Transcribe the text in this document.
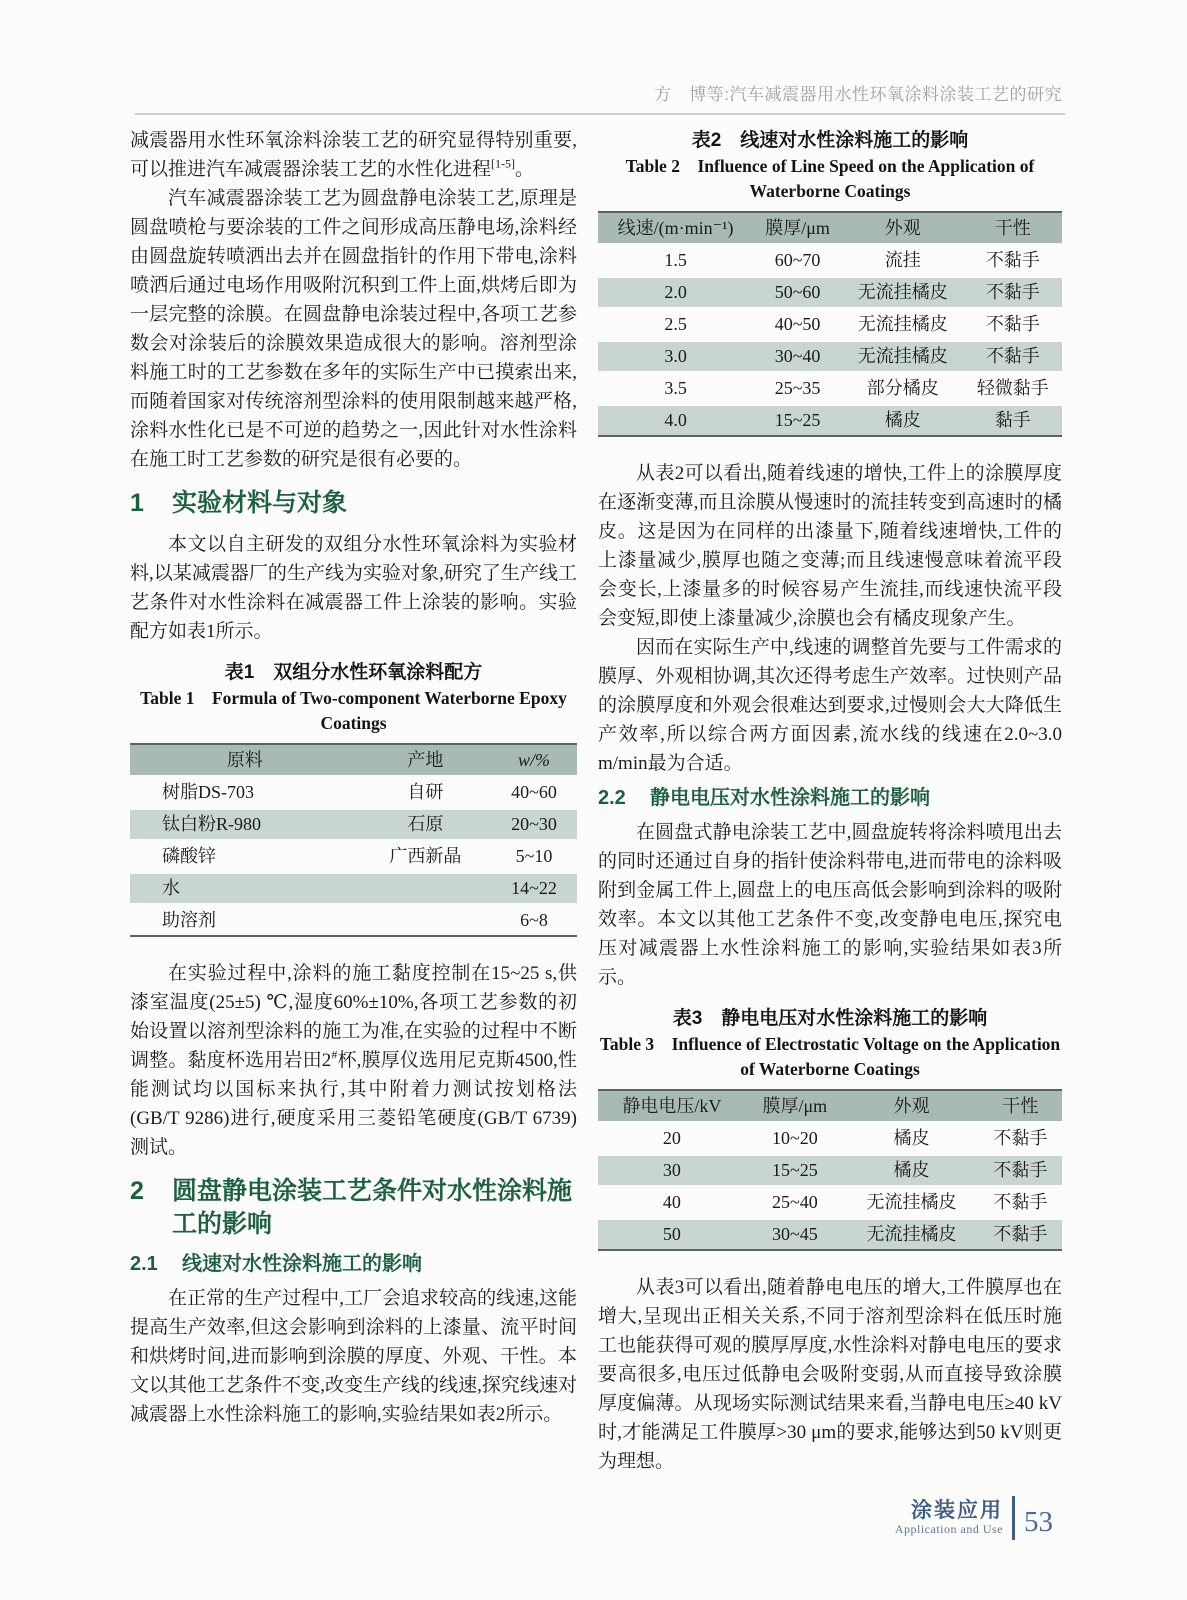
方　博等:汽车减震器用水性环氧涂料涂装工艺的研究

减震器用水性环氧涂料涂装工艺的研究显得特别重要,可以推进汽车减震器涂装工艺的水性化进程[1-5]。

汽车减震器涂装工艺为圆盘静电涂装工艺,原理是圆盘喷枪与要涂装的工件之间形成高压静电场,涂料经由圆盘旋转喷洒出去并在圆盘指针的作用下带电,涂料喷洒后通过电场作用吸附沉积到工件上面,烘烤后即为一层完整的涂膜。在圆盘静电涂装过程中,各项工艺参数会对涂装后的涂膜效果造成很大的影响。溶剂型涂料施工时的工艺参数在多年的实际生产中已摸索出来,而随着国家对传统溶剂型涂料的使用限制越来越严格,涂料水性化已是不可逆的趋势之一,因此针对水性涂料在施工时工艺参数的研究是很有必要的。

1	实验材料与对象

本文以自主研发的双组分水性环氧涂料为实验材料,以某减震器厂的生产线为实验对象,研究了生产线工艺条件对水性涂料在减震器工件上涂装的影响。实验配方如表1所示。

表1　双组分水性环氧涂料配方
Table 1　Formula of Two-component Waterborne Epoxy Coatings
原料	产地	w/%
树脂DS-703	自研	40~60
钛白粉R-980	石原	20~30
磷酸锌	广西新晶	5~10
水		14~22
助溶剂		6~8

在实验过程中,涂料的施工黏度控制在15~25 s,供漆室温度(25±5) ℃,湿度60%±10%,各项工艺参数的初始设置以溶剂型涂料的施工为准,在实验的过程中不断调整。黏度杯选用岩田2#杯,膜厚仪选用尼克斯4500,性能测试均以国标来执行,其中附着力测试按划格法(GB/T 9286)进行,硬度采用三菱铅笔硬度(GB/T 6739)测试。

2	圆盘静电涂装工艺条件对水性涂料施工的影响
2.1	线速对水性涂料施工的影响

在正常的生产过程中,工厂会追求较高的线速,这能提高生产效率,但这会影响到涂料的上漆量、流平时间和烘烤时间,进而影响到涂膜的厚度、外观、干性。本文以其他工艺条件不变,改变生产线的线速,探究线速对减震器上水性涂料施工的影响,实验结果如表2所示。

表2　线速对水性涂料施工的影响
Table 2　Influence of Line Speed on the Application of Waterborne Coatings
线速/(m·min⁻¹)	膜厚/μm	外观	干性
1.5	60~70	流挂	不黏手
2.0	50~60	无流挂橘皮	不黏手
2.5	40~50	无流挂橘皮	不黏手
3.0	30~40	无流挂橘皮	不黏手
3.5	25~35	部分橘皮	轻微黏手
4.0	15~25	橘皮	黏手

从表2可以看出,随着线速的增快,工件上的涂膜厚度在逐渐变薄,而且涂膜从慢速时的流挂转变到高速时的橘皮。这是因为在同样的出漆量下,随着线速增快,工件的上漆量减少,膜厚也随之变薄;而且线速慢意味着流平段会变长,上漆量多的时候容易产生流挂,而线速快流平段会变短,即使上漆量减少,涂膜也会有橘皮现象产生。

因而在实际生产中,线速的调整首先要与工件需求的膜厚、外观相协调,其次还得考虑生产效率。过快则产品的涂膜厚度和外观会很难达到要求,过慢则会大大降低生产效率,所以综合两方面因素,流水线的线速在2.0~3.0 m/min最为合适。

2.2	静电电压对水性涂料施工的影响

在圆盘式静电涂装工艺中,圆盘旋转将涂料喷甩出去的同时还通过自身的指针使涂料带电,进而带电的涂料吸附到金属工件上,圆盘上的电压高低会影响到涂料的吸附效率。本文以其他工艺条件不变,改变静电电压,探究电压对减震器上水性涂料施工的影响,实验结果如表3所示。

表3　静电电压对水性涂料施工的影响
Table 3　Influence of Electrostatic Voltage on the Application of Waterborne Coatings
静电电压/kV	膜厚/μm	外观	干性
20	10~20	橘皮	不黏手
30	15~25	橘皮	不黏手
40	25~40	无流挂橘皮	不黏手
50	30~45	无流挂橘皮	不黏手

从表3可以看出,随着静电电压的增大,工件膜厚也在增大,呈现出正相关关系,不同于溶剂型涂料在低压时施工也能获得可观的膜厚厚度,水性涂料对静电电压的要求要高很多,电压过低静电会吸附变弱,从而直接导致涂膜厚度偏薄。从现场实际测试结果来看,当静电电压≥40 kV时,才能满足工件膜厚>30 μm的要求,能够达到50 kV则更为理想。

涂装应用
Application and Use 53
